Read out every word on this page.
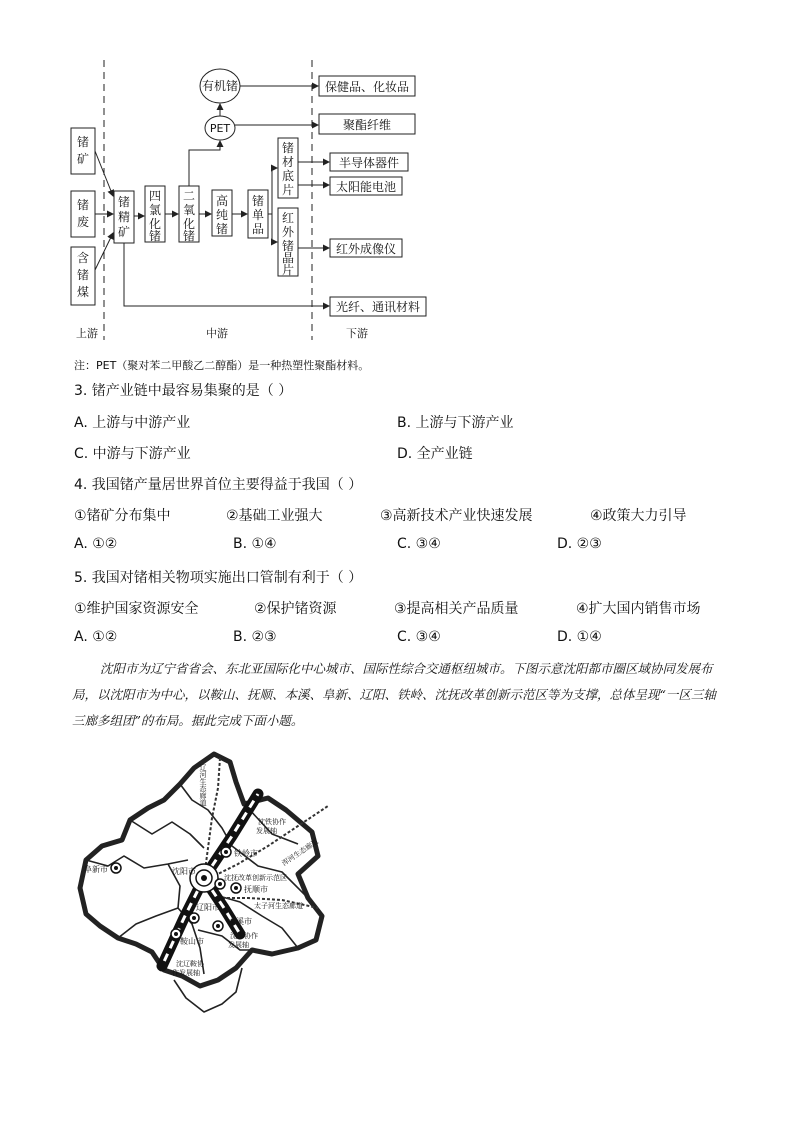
锗矿
锗废
含锗煤
锗精矿
四氯化锗
二氧化锗
高纯锗
锗单品
锗材底片
红外锗晶片
有机锗
PET
保健品、化妆品
聚酯纤维
半导体器件
太阳能电池
红外成像仪
光纤、通讯材料
上游	中游	下游
注：PET（聚对苯二甲酸乙二醇酯）是一种热塑性聚酯材料。
3. 锗产业链中最容易集聚的是（ ）
A. 上游与中游产业	B. 上游与下游产业
C. 中游与下游产业	D. 全产业链
4. 我国锗产量居世界首位主要得益于我国（ ）
①锗矿分布集中	②基础工业强大	③高新技术产业快速发展	④政策大力引导
A. ①②	B. ①④	C. ③④	D. ②③
5. 我国对锗相关物项实施出口管制有利于（ ）
①维护国家资源安全	②保护锗资源	③提高相关产品质量	④扩大国内销售市场
A. ①②	B. ②③	C. ③④	D. ①④
沈阳市为辽宁省省会、东北亚国际化中心城市、国际性综合交通枢纽城市。下图示意沈阳都市圈区域协同发展布局，以沈阳市为中心，以鞍山、抚顺、本溪、阜新、辽阳、铁岭、沈抚改革创新示范区等为支撑，总体呈现“一区三轴三廊多组团”的布局。据此完成下面小题。
辽河生态廊道
沈铁协作 发展轴
浑河生态廊道
铁岭市
阜新市	沈阳市
沈抚改革创新示范区
抚顺市
太子河生态廊道
辽阳市
本溪市
鞍山市
沈本协作 发展轴
沈辽鞍协 作发展轴
